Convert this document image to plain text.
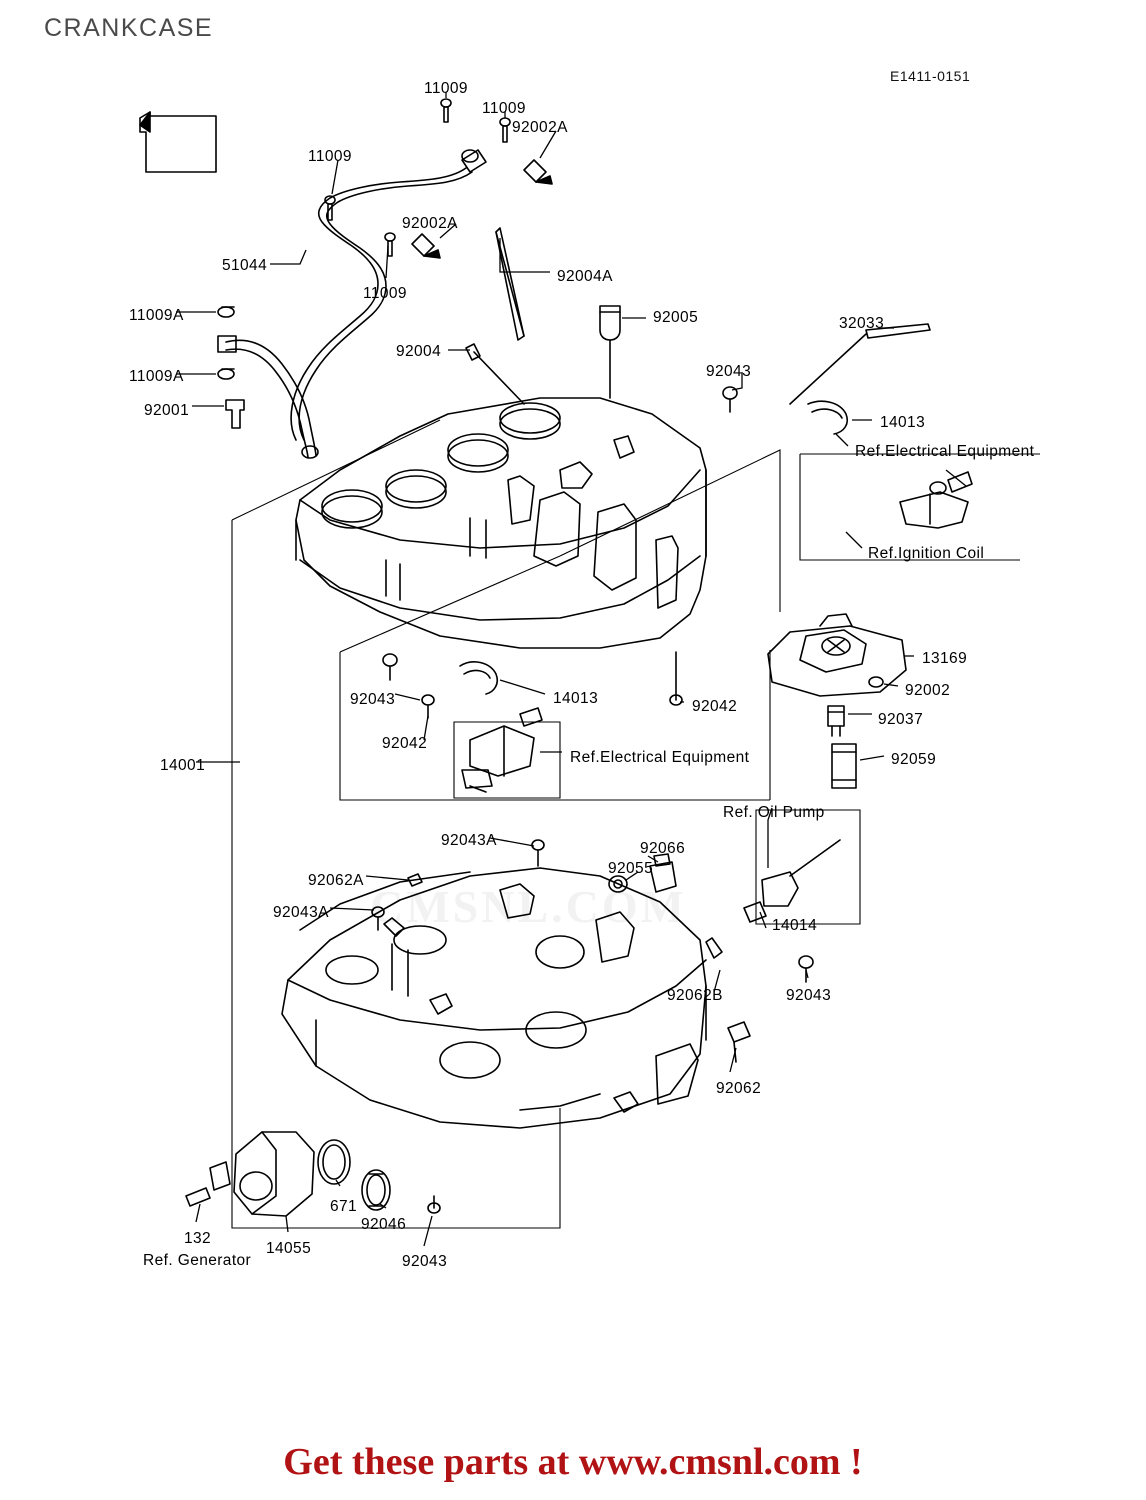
CRANKCASE
E1411-0151
CMSNL.COM
11009
11009
92002A
11009
92002A
51044
11009
92004A
11009A	92005	32033
92004
11009A	92043
92001
14013
Ref.Electrical Equipment
Ref.Ignition Coil
13169
92002
92043	14013	92042
92037
92042
Ref.Electrical Equipment	92059
14001
Ref. Oil Pump
92043A	92066
92055
92062A
92043A
14014
92062B	92043
92062
671
92046
132
14055
Ref. Generator	92043
Get these parts at www.cmsnl.com !
